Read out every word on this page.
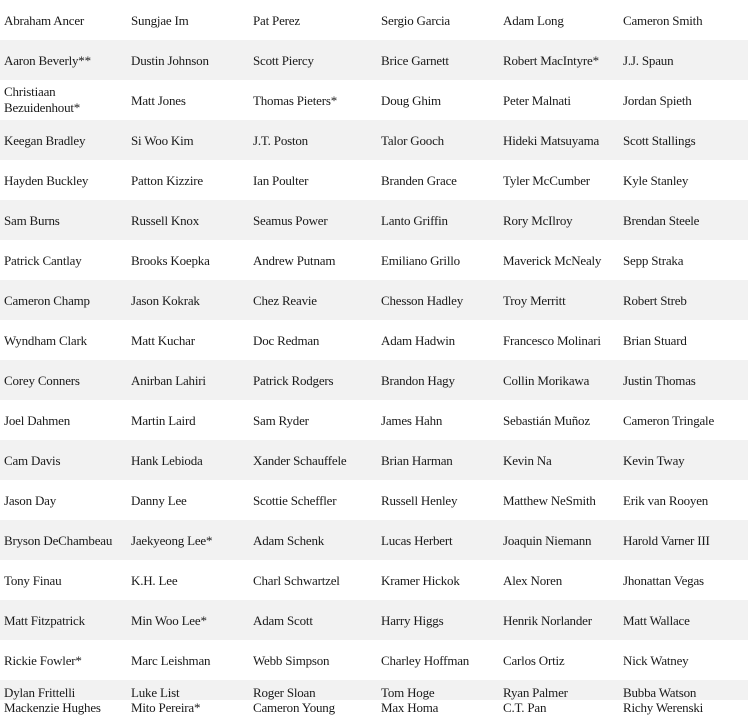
Abraham Ancer	Sungjae Im	Pat Perez	Sergio Garcia	Adam Long	Cameron Smith
Aaron Beverly**	Dustin Johnson	Scott Piercy	Brice Garnett	Robert MacIntyre*	J.J. Spaun
Christiaan Bezuidenhout*	Matt Jones	Thomas Pieters*	Doug Ghim	Peter Malnati	Jordan Spieth
Keegan Bradley	Si Woo Kim	J.T. Poston	Talor Gooch	Hideki Matsuyama	Scott Stallings
Hayden Buckley	Patton Kizzire	Ian Poulter	Branden Grace	Tyler McCumber	Kyle Stanley
Sam Burns	Russell Knox	Seamus Power	Lanto Griffin	Rory McIlroy	Brendan Steele
Patrick Cantlay	Brooks Koepka	Andrew Putnam	Emiliano Grillo	Maverick McNealy	Sepp Straka
Cameron Champ	Jason Kokrak	Chez Reavie	Chesson Hadley	Troy Merritt	Robert Streb
Wyndham Clark	Matt Kuchar	Doc Redman	Adam Hadwin	Francesco Molinari	Brian Stuard
Corey Conners	Anirban Lahiri	Patrick Rodgers	Brandon Hagy	Collin Morikawa	Justin Thomas
Joel Dahmen	Martin Laird	Sam Ryder	James Hahn	Sebastián Muñoz	Cameron Tringale
Cam Davis	Hank Lebioda	Xander Schauffele	Brian Harman	Kevin Na	Kevin Tway
Jason Day	Danny Lee	Scottie Scheffler	Russell Henley	Matthew NeSmith	Erik van Rooyen
Bryson DeChambeau	Jaekyeong Lee*	Adam Schenk	Lucas Herbert	Joaquin Niemann	Harold Varner III
Tony Finau	K.H. Lee	Charl Schwartzel	Kramer Hickok	Alex Noren	Jhonattan Vegas
Matt Fitzpatrick	Min Woo Lee*	Adam Scott	Harry Higgs	Henrik Norlander	Matt Wallace
Rickie Fowler*	Marc Leishman	Webb Simpson	Charley Hoffman	Carlos Ortiz	Nick Watney
Dylan Frittelli	Luke List	Roger Sloan	Tom Hoge	Ryan Palmer	Bubba Watson
Mackenzie Hughes	Mito Pereira*	Cameron Young	Max Homa	C.T. Pan	Richy Werenski
